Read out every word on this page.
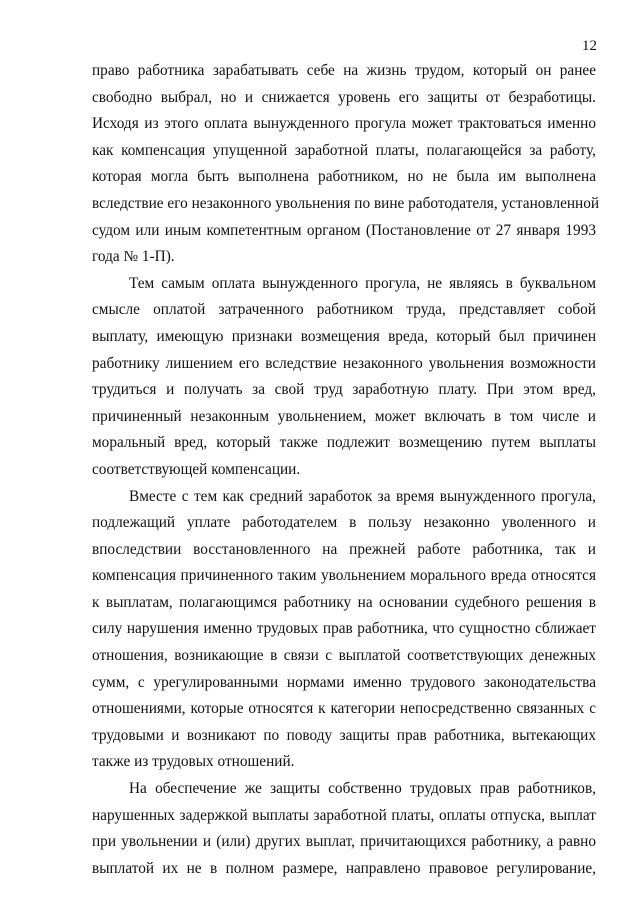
12
право работника зарабатывать себе на жизнь трудом, который он ранее
свободно выбрал, но и снижается уровень его защиты от безработицы.
Исходя из этого оплата вынужденного прогула может трактоваться именно
как компенсация упущенной заработной платы, полагающейся за работу,
которая могла быть выполнена работником, но не была им выполнена
вследствие его незаконного увольнения по вине работодателя, установленной
судом или иным компетентным органом (Постановление от 27 января 1993
года № 1-П).
Тем самым оплата вынужденного прогула, не являясь в буквальном
смысле оплатой затраченного работником труда, представляет собой
выплату, имеющую признаки возмещения вреда, который был причинен
работнику лишением его вследствие незаконного увольнения возможности
трудиться и получать за свой труд заработную плату. При этом вред,
причиненный незаконным увольнением, может включать в том числе и
моральный вред, который также подлежит возмещению путем выплаты
соответствующей компенсации.
Вместе с тем как средний заработок за время вынужденного прогула,
подлежащий уплате работодателем в пользу незаконно уволенного и
впоследствии восстановленного на прежней работе работника, так и
компенсация причиненного таким увольнением морального вреда относятся
к выплатам, полагающимся работнику на основании судебного решения в
силу нарушения именно трудовых прав работника, что сущностно сближает
отношения, возникающие в связи с выплатой соответствующих денежных
сумм, с урегулированными нормами именно трудового законодательства
отношениями, которые относятся к категории непосредственно связанных с
трудовыми и возникают по поводу защиты прав работника, вытекающих
также из трудовых отношений.
На обеспечение же защиты собственно трудовых прав работников,
нарушенных задержкой выплаты заработной платы, оплаты отпуска, выплат
при увольнении и (или) других выплат, причитающихся работнику, а равно
выплатой их не в полном размере, направлено правовое регулирование,
